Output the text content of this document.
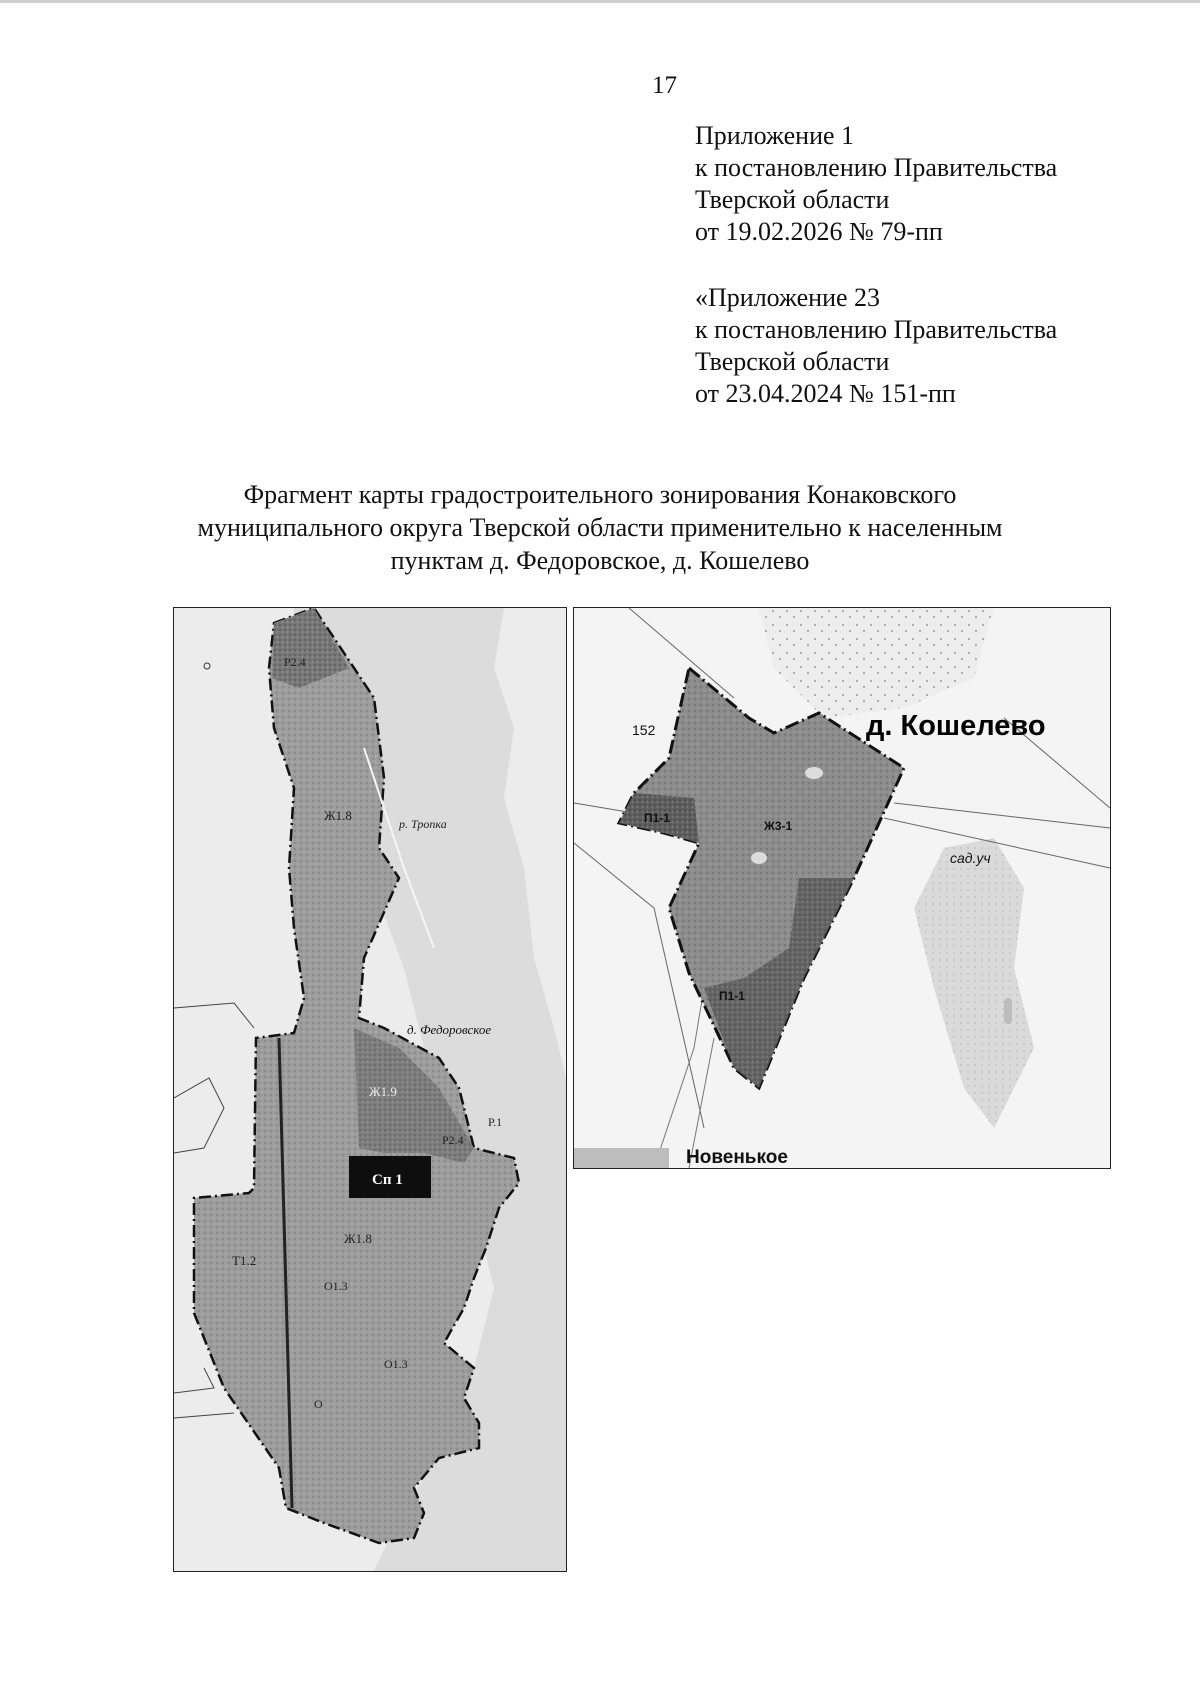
17
Приложение 1
к постановлению Правительства
Тверской области
от 19.02.2026 № 79-пп
«Приложение 23
к постановлению Правительства
Тверской области
от 23.04.2024 № 151-пп
Фрагмент карты градостроительного зонирования Конаковского
муниципального округа Тверской области применительно к населенным
пунктам д. Федоровское, д. Кошелево
Р2.4
Ж1.8
р. Тропка
д. Федоровское
Ж1.9
Р2.4
Р.1
Сп 1
Ж1.8
Т1.2
О1.3
О1.3
О
д. Кошелево
152
П1-1
Ж3-1
П1-1
сад.уч
Новенькое
